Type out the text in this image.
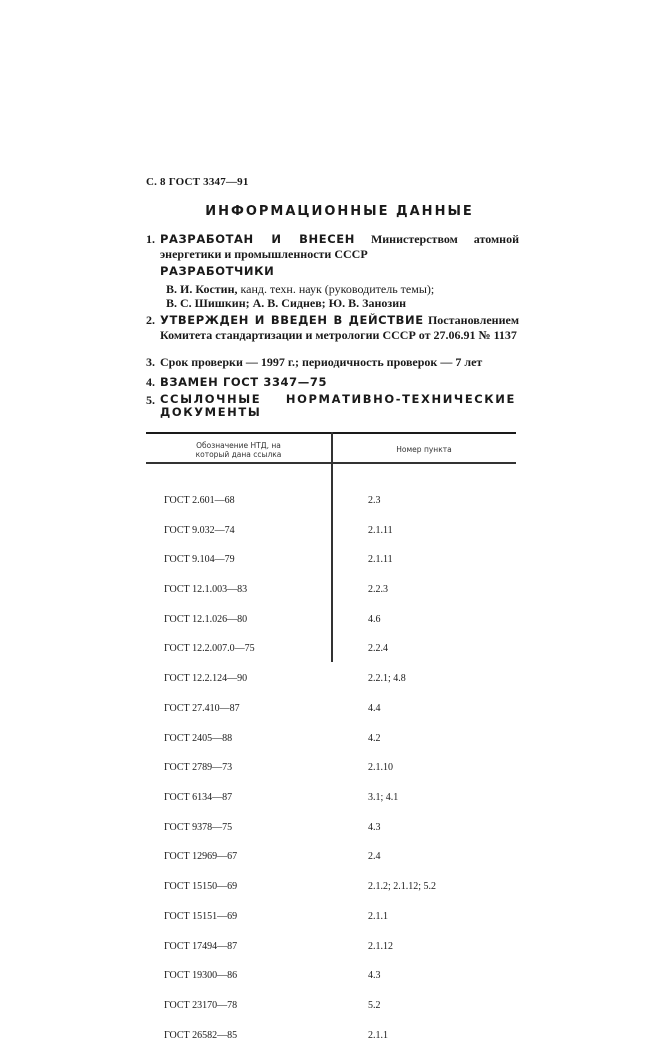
С. 8 ГОСТ 3347—91
ИНФОРМАЦИОННЫЕ ДАННЫЕ
1. РАЗРАБОТАН И ВНЕСЕН Министерством атомной энергетики и промышленности СССР
РАЗРАБОТЧИКИ
В. И. Костин, канд. техн. наук (руководитель темы);
В. С. Шишкин; А. В. Сиднев; Ю. В. Занозин
2. УТВЕРЖДЕН И ВВЕДЕН В ДЕЙСТВИЕ Постановлением Комитета стандартизации и метрологии СССР от 27.06.91 № 1137
3. Срок проверки — 1997 г.; периодичность проверок — 7 лет
4. ВЗАМЕН ГОСТ 3347—75
5. ССЫЛОЧНЫЕ НОРМАТИВНО-ТЕХНИЧЕСКИЕ ДОКУМЕНТЫ
Обозначение НТД, на который дана ссылка
Номер пункта

ГОСТ 2.601—68

ГОСТ 9.032—74

ГОСТ 9.104—79

ГОСТ 12.1.003—83

ГОСТ 12.1.026—80

ГОСТ 12.2.007.0—75

ГОСТ 12.2.124—90

ГОСТ 27.410—87

ГОСТ 2405—88

ГОСТ 2789—73

ГОСТ 6134—87

ГОСТ 9378—75

ГОСТ 12969—67

ГОСТ 15150—69

ГОСТ 15151—69

ГОСТ 17494—87

ГОСТ 19300—86

ГОСТ 23170—78

ГОСТ 26582—85

2.3

2.1.11

2.1.11

2.2.3

4.6

2.2.4

2.2.1; 4.8

4.4

4.2

2.1.10

3.1; 4.1

4.3

2.4

2.1.2; 2.1.12; 5.2

2.1.1

2.1.12

4.3

5.2

2.1.1
